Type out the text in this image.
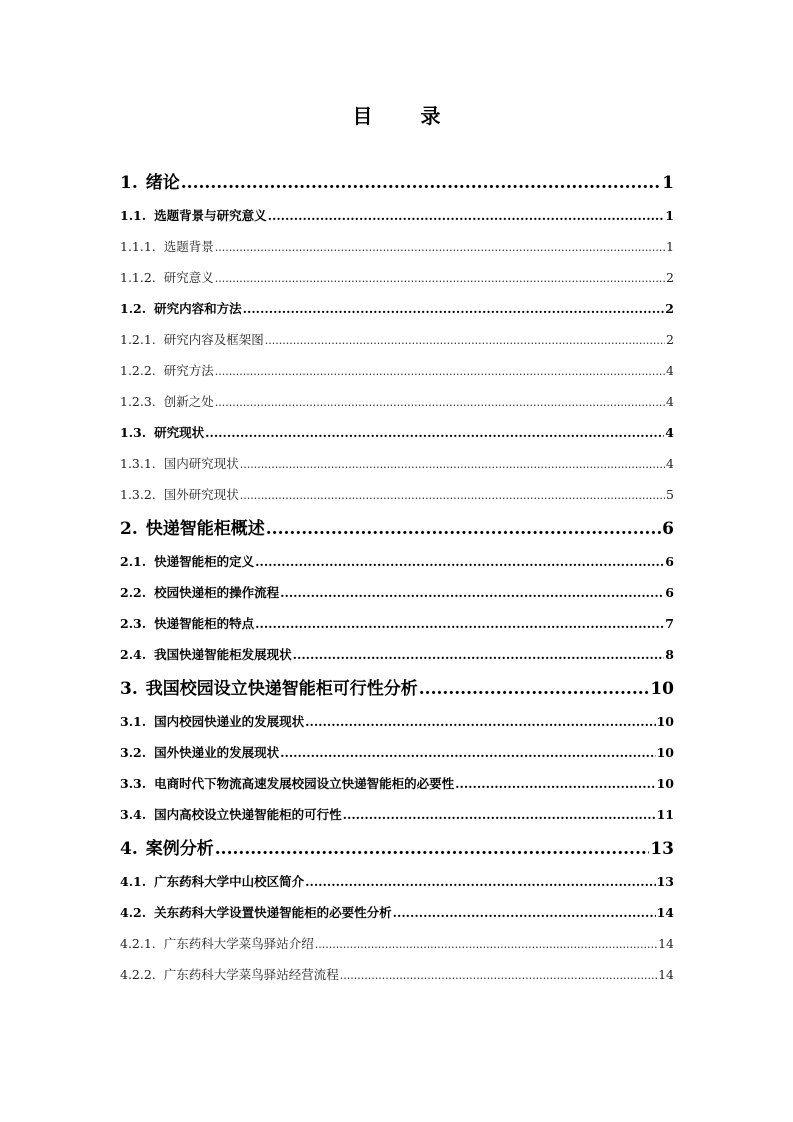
目 录
1. 绪论 .....	1
1.1. 选题背景与研究意义 .....	1
1.1.1. 选题背景 .....	1
1.1.2. 研究意义 .....	2
1.2. 研究内容和方法 .....	2
1.2.1. 研究内容及框架图 .....	2
1.2.2. 研究方法 .....	4
1.2.3. 创新之处 .....	4
1.3. 研究现状 .....	4
1.3.1. 国内研究现状 .....	4
1.3.2. 国外研究现状 .....	5
2. 快递智能柜概述 .....	6
2.1. 快递智能柜的定义 .....	6
2.2. 校园快递柜的操作流程 .....	6
2.3. 快递智能柜的特点 .....	7
2.4. 我国快递智能柜发展现状 .....	8
3. 我国校园设立快递智能柜可行性分析 .....	10
3.1. 国内校园快递业的发展现状 .....	10
3.2. 国外快递业的发展现状 .....	10
3.3. 电商时代下物流高速发展校园设立快递智能柜的必要性 .....	10
3.4. 国内高校设立快递智能柜的可行性 .....	11
4. 案例分析 .....	13
4.1. 广东药科大学中山校区简介 .....	13
4.2. 关东药科大学设置快递智能柜的必要性分析 .....	14
4.2.1. 广东药科大学菜鸟驿站介绍 .....	14
4.2.2. 广东药科大学菜鸟驿站经营流程 .....	14
